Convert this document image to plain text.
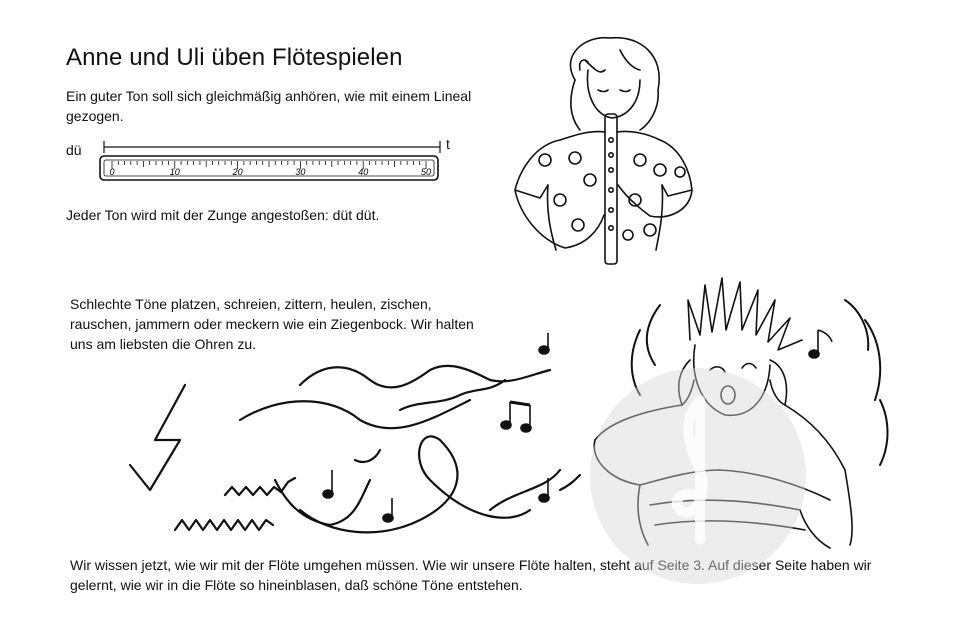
Anne und Uli üben Flötespielen
Ein guter Ton soll sich gleichmäßig anhören, wie mit einem Lineal gezogen.
dü	t
Jeder Ton wird mit der Zunge angestoßen: düt düt.
Schlechte Töne platzen, schreien, zittern, heulen, zischen, rauschen, jammern oder meckern wie ein Ziegenbock. Wir halten uns am liebsten die Ohren zu.
Wir wissen jetzt, wie wir mit der Flöte umgehen müssen. Wie wir unsere Flöte halten, steht auf Seite 3. Auf dieser Seite haben wir gelernt, wie wir in die Flöte so hineinblasen, daß schöne Töne entstehen.
0	10	20	30	40	50
